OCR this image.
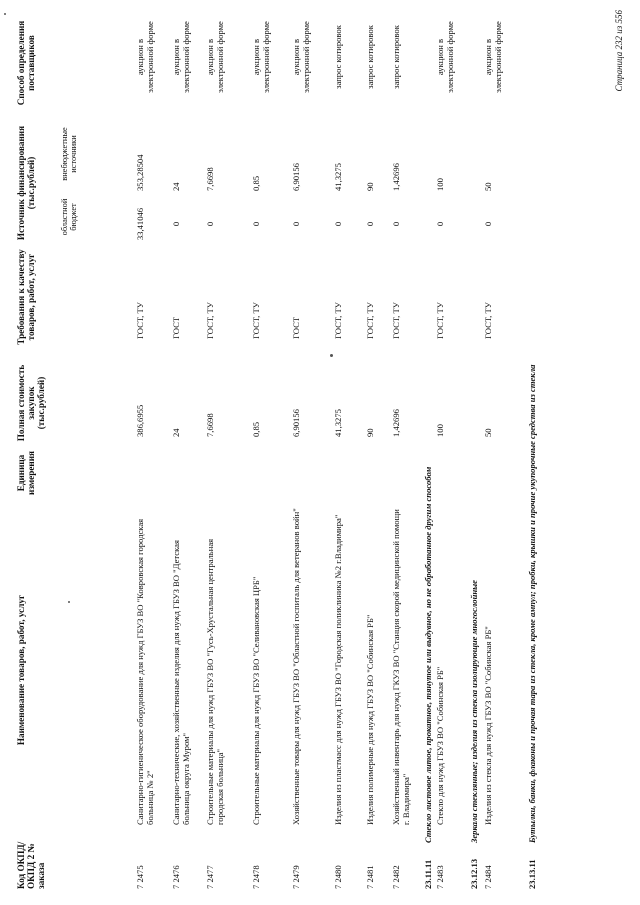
Код ОКПД/ ОКПД 2 № заказа
Наименование товаров, работ, услуг
Единица измерения
Полная стоимость закупок (тыс.рублей)
Требования к качеству товаров, работ, услуг
Источник финансирования (тыс.рублей)
областной бюджет
внебюджетные источники
Способ определения поставщиков
7 2475
Санитарно-гигиеническое оборудование для нужд ГБУЗ ВО "Ковровская городская больница № 2"
386,6955
ГОСТ, ТУ
33,41046
353,28504
аукцион в электронной форме
7 2476
Санитарно-технические, хозяйственные изделия для нужд ГБУЗ ВО "Детская больница округа Муром"
24
ГОСТ
0
24
аукцион в электронной форме
7 2477
Строительные материалы для нужд ГБУЗ ВО "Гусь-Хрустальная центральная городская больница"
7,6698
ГОСТ, ТУ
0
7,6698
аукцион в электронной форме
7 2478
Строительные материалы для нужд ГБУЗ ВО "Селивановская ЦРБ"
0,85
ГОСТ, ТУ
0
0,85
аукцион в электронной форме
7 2479
Хозяйственные товары для нужд ГБУЗ ВО "Областной госпиталь для ветеранов войн"
6,90156
ГОСТ
0
6,90156
аукцион в электронной форме
7 2480
Изделия из пластмасс для нужд ГБУЗ ВО "Городская поликлиника №2 г.Владимира"
41,3275
ГОСТ, ТУ
0
41,3275
запрос котировок
7 2481
Изделия полимерные для нужд ГБУЗ ВО "Собинская РБ"
90
ГОСТ, ТУ
0
90
запрос котировок
7 2482
Хозяйственный инвентарь для нужд ГКУЗ ВО "Станция скорой медицинской помощи г. Владимира"
1,42696
ГОСТ, ТУ
0
1,42696
запрос котировок
23.11.11Стекло листовое литое, прокатное, тянутое или выдувное, но не обработанное другим способом
7 2483
Стекло для нужд ГБУЗ ВО "Собинская РБ"
100
ГОСТ, ТУ
0
100
аукцион в электронной форме
23.12.13Зеркала стеклянные; изделия из стекла изолирующие многослойные
7 2484
Изделия из стекла для нужд ГБУЗ ВО "Собинская РБ"
50
ГОСТ, ТУ
0
50
аукцион в электронной форме
23.13.11Бутылки, банки, флаконы и прочая тара из стекла, кроме ампул; пробки, крышки и прочие укупорочные средства из стекла
Страница 232 из 556
